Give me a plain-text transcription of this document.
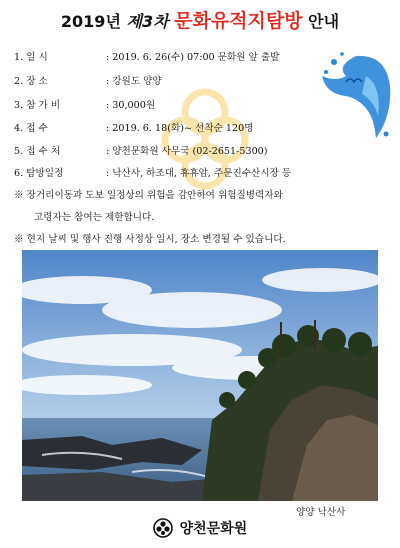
2019년 제3차 문화유적지탐방 안내
1. 일 시	: 2019. 6. 26(수) 07:00 문화원 앞 출발
2. 장 소	: 강원도 양양
3. 참 가 비	: 30,000원
4. 접 수	: 2019. 6. 18(화)~ 선착순 120명
5. 접 수 처	: 양천문화원 사무국 (02-2651-5300)
6. 탐방일정	: 낙산사, 하조대, 휴휴암, 주문진수산시장 등
※ 장거리이동과 도보 일정상의 위험을 감안하여 위험질병력자와
고령자는 참여는 제한합니다.
※ 현지 날씨 및 행사 진행 사정상 일시, 장소 변경될 수 있습니다.
양양 낙산사
양천문화원
